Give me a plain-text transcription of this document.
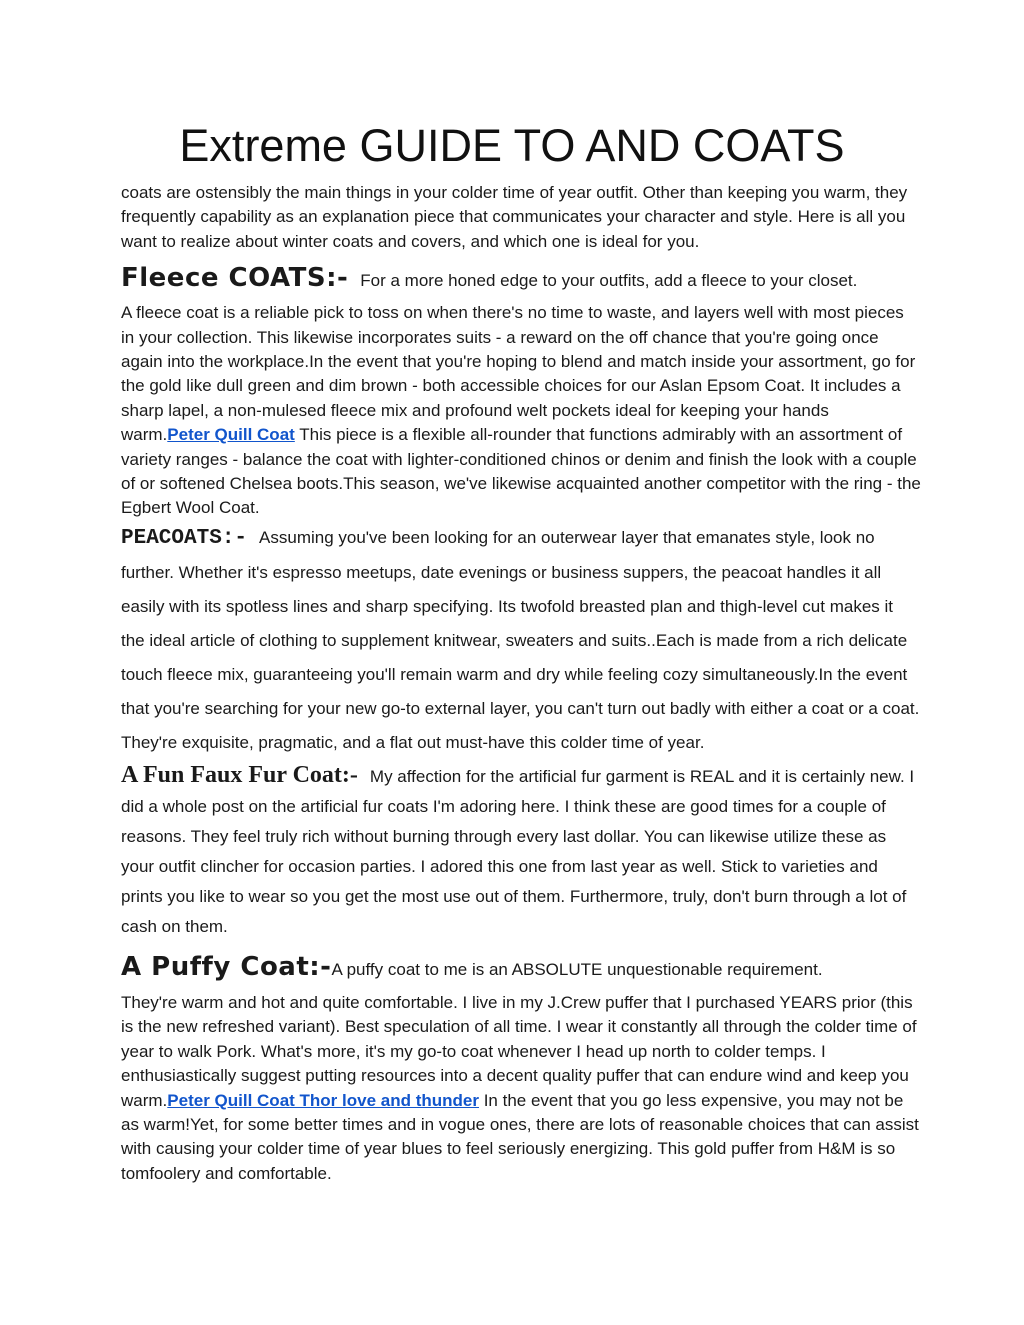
Extreme GUIDE TO AND COATS

coats are ostensibly the main things in your colder time of year outfit. Other than keeping you warm, they frequently capability as an explanation piece that communicates your character and style. Here is all you want to realize about winter coats and covers, and which one is ideal for you.

Fleece COATS:- For a more honed edge to your outfits, add a fleece to your closet.

A fleece coat is a reliable pick to toss on when there's no time to waste, and layers well with most pieces in your collection. This likewise incorporates suits - a reward on the off chance that you're going once again into the workplace.In the event that you're hoping to blend and match inside your assortment, go for the gold like dull green and dim brown - both accessible choices for our Aslan Epsom Coat. It includes a sharp lapel, a non-mulesed fleece mix and profound welt pockets ideal for keeping your hands warm.Peter Quill Coat This piece is a flexible all-rounder that functions admirably with an assortment of variety ranges - balance the coat with lighter-conditioned chinos or denim and finish the look with a couple of or softened Chelsea boots.This season, we've likewise acquainted another competitor with the ring - the Egbert Wool Coat.

PEACOATS:- Assuming you've been looking for an outerwear layer that emanates style, look no further. Whether it's espresso meetups, date evenings or business suppers, the peacoat handles it all easily with its spotless lines and sharp specifying. Its twofold breasted plan and thigh-level cut makes it the ideal article of clothing to supplement knitwear, sweaters and suits..Each is made from a rich delicate touch fleece mix, guaranteeing you'll remain warm and dry while feeling cozy simultaneously.In the event that you're searching for your new go-to external layer, you can't turn out badly with either a coat or a coat. They're exquisite, pragmatic, and a flat out must-have this colder time of year.

A Fun Faux Fur Coat:- My affection for the artificial fur garment is REAL and it is certainly new. I did a whole post on the artificial fur coats I'm adoring here. I think these are good times for a couple of reasons. They feel truly rich without burning through every last dollar. You can likewise utilize these as your outfit clincher for occasion parties. I adored this one from last year as well. Stick to varieties and prints you like to wear so you get the most use out of them. Furthermore, truly, don't burn through a lot of cash on them.

A Puffy Coat:-A puffy coat to me is an ABSOLUTE unquestionable requirement.

They're warm and hot and quite comfortable. I live in my J.Crew puffer that I purchased YEARS prior (this is the new refreshed variant). Best speculation of all time. I wear it constantly all through the colder time of year to walk Pork. What's more, it's my go-to coat whenever I head up north to colder temps. I enthusiastically suggest putting resources into a decent quality puffer that can endure wind and keep you warm.Peter Quill Coat Thor love and thunder In the event that you go less expensive, you may not be as warm!Yet, for some better times and in vogue ones, there are lots of reasonable choices that can assist with causing your colder time of year blues to feel seriously energizing. This gold puffer from H&M is so tomfoolery and comfortable.
